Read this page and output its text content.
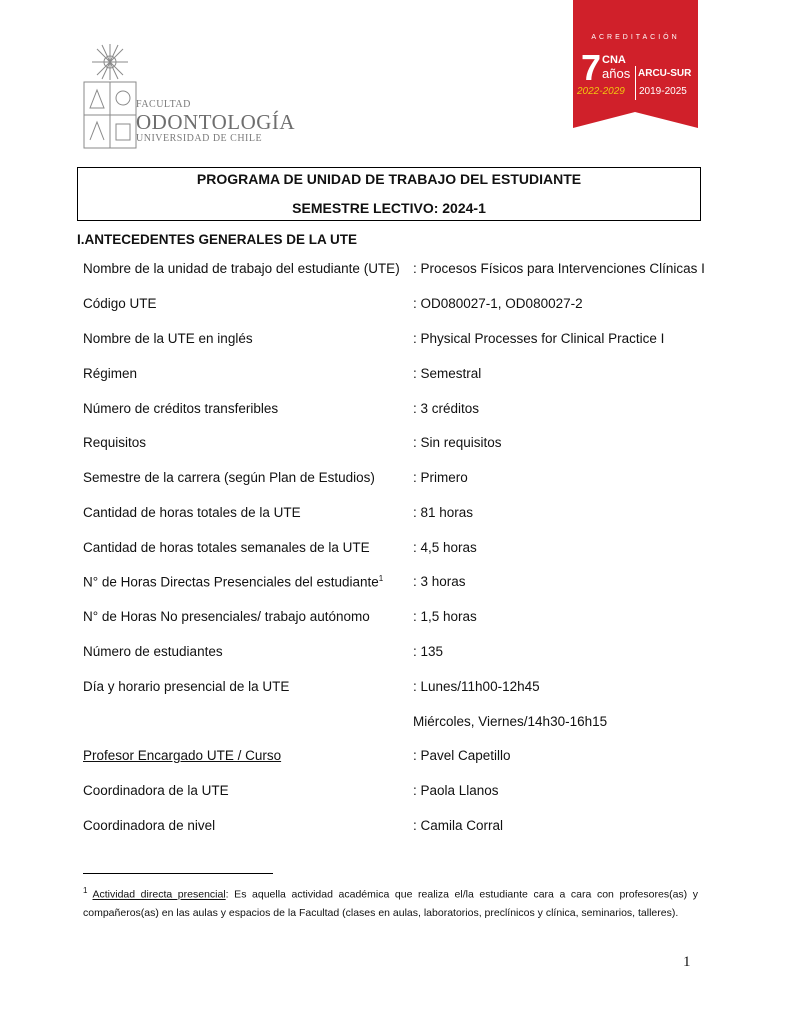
FACULTAD
ODONTOLOGÍA
UNIVERSIDAD DE CHILE
ACREDITACIÓN
7 CNA
años ARCU-SUR
2022-2029 2019-2025
PROGRAMA DE UNIDAD DE TRABAJO DEL ESTUDIANTE
SEMESTRE LECTIVO: 2024-1
I.ANTECEDENTES GENERALES DE LA UTE
Nombre de la unidad de trabajo del estudiante (UTE) : Procesos Físicos para Intervenciones Clínicas I
Código UTE	: OD080027-1, OD080027-2
Nombre de la UTE en inglés	: Physical Processes for Clinical Practice I
Régimen	: Semestral
Número de créditos transferibles	: 3 créditos
Requisitos	: Sin requisitos
Semestre de la carrera (según Plan de Estudios)	: Primero
Cantidad de horas totales de la UTE	: 81 horas
Cantidad de horas totales semanales de la UTE	: 4,5 horas
N° de Horas Directas Presenciales del estudiante$^1$ : 3 horas
N° de Horas No presenciales/ trabajo autónomo	: 1,5 horas
Número de estudiantes	: 135
Día y horario presencial de la UTE	: Lunes/11h00-12h45
Miércoles, Viernes/14h30-16h15
Profesor Encargado UTE / Curso	: Pavel Capetillo
Coordinadora de la UTE	: Paola Llanos
Coordinadora de nivel	: Camila Corral
$^1$ Actividad directa presencial: Es aquella actividad académica que realiza el/la estudiante cara a cara con profesores(as) y compañeros(as) en las aulas y espacios de la Facultad (clases en aulas, laboratorios, preclínicos y clínica, seminarios, talleres).
1
